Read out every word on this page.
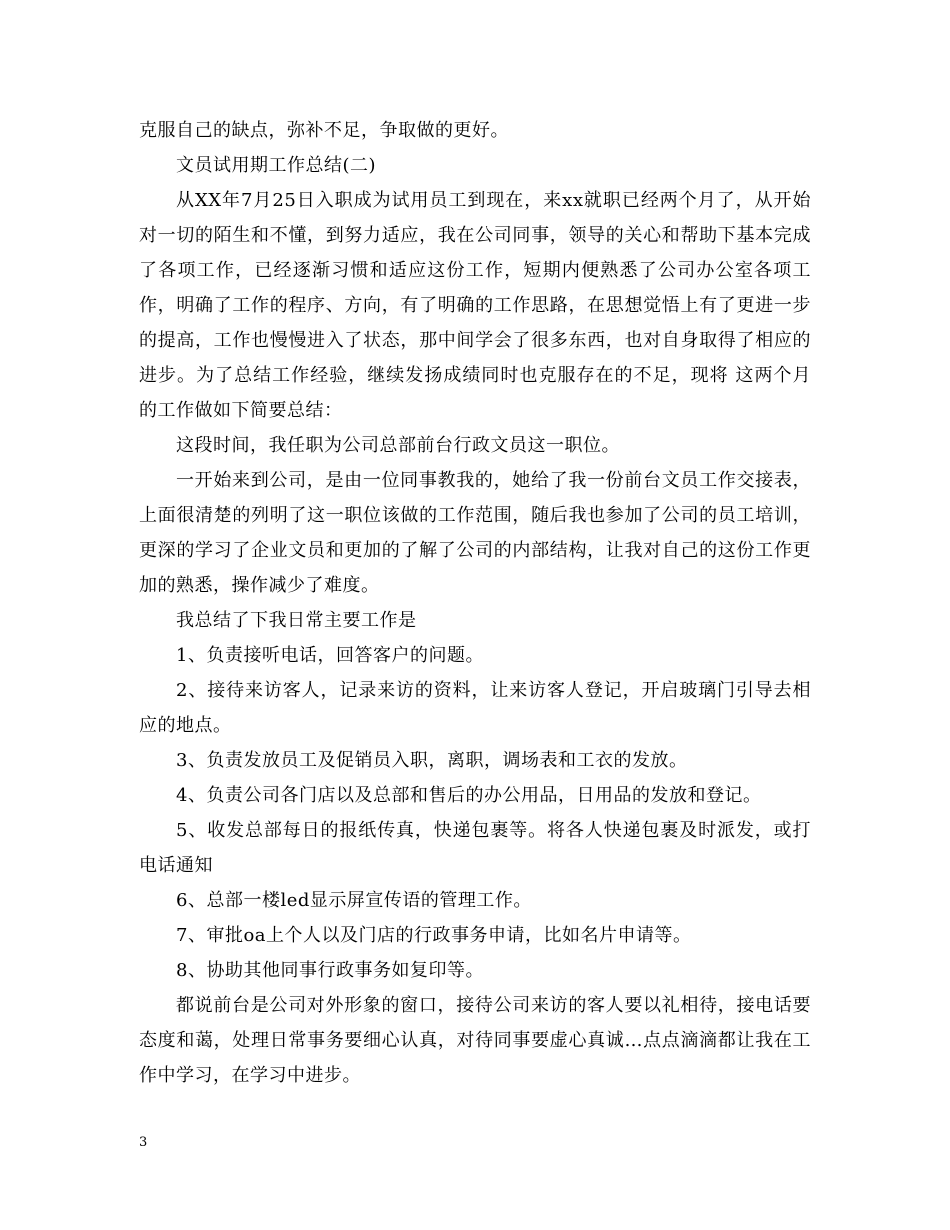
克服自己的缺点，弥补不足，争取做的更好。

文员试用期工作总结(二)

从XX年7月25日入职成为试用员工到现在，来xx就职已经两个月了，从开始对一切的陌生和不懂，到努力适应，我在公司同事，领导的关心和帮助下基本完成了各项工作，已经逐渐习惯和适应这份工作，短期内便熟悉了公司办公室各项工作，明确了工作的程序、方向，有了明确的工作思路，在思想觉悟上有了更进一步的提高，工作也慢慢进入了状态，那中间学会了很多东西，也对自身取得了相应的进步。为了总结工作经验，继续发扬成绩同时也克服存在的不足，现将 这两个月的工作做如下简要总结：

这段时间，我任职为公司总部前台行政文员这一职位。

一开始来到公司，是由一位同事教我的，她给了我一份前台文员工作交接表，上面很清楚的列明了这一职位该做的工作范围，随后我也参加了公司的员工培训，更深的学习了企业文员和更加的了解了公司的内部结构，让我对自己的这份工作更加的熟悉，操作减少了难度。

我总结了下我日常主要工作是

1、负责接听电话，回答客户的问题。

2、接待来访客人，记录来访的资料，让来访客人登记，开启玻璃门引导去相应的地点。

3、负责发放员工及促销员入职，离职，调场表和工衣的发放。

4、负责公司各门店以及总部和售后的办公用品，日用品的发放和登记。

5、收发总部每日的报纸传真，快递包裹等。将各人快递包裹及时派发，或打电话通知

6、总部一楼led显示屏宣传语的管理工作。

7、审批oa上个人以及门店的行政事务申请，比如名片申请等。

8、协助其他同事行政事务如复印等。

都说前台是公司对外形象的窗口，接待公司来访的客人要以礼相待，接电话要态度和蔼，处理日常事务要细心认真，对待同事要虚心真诚…点点滴滴都让我在工作中学习，在学习中进步。

3
